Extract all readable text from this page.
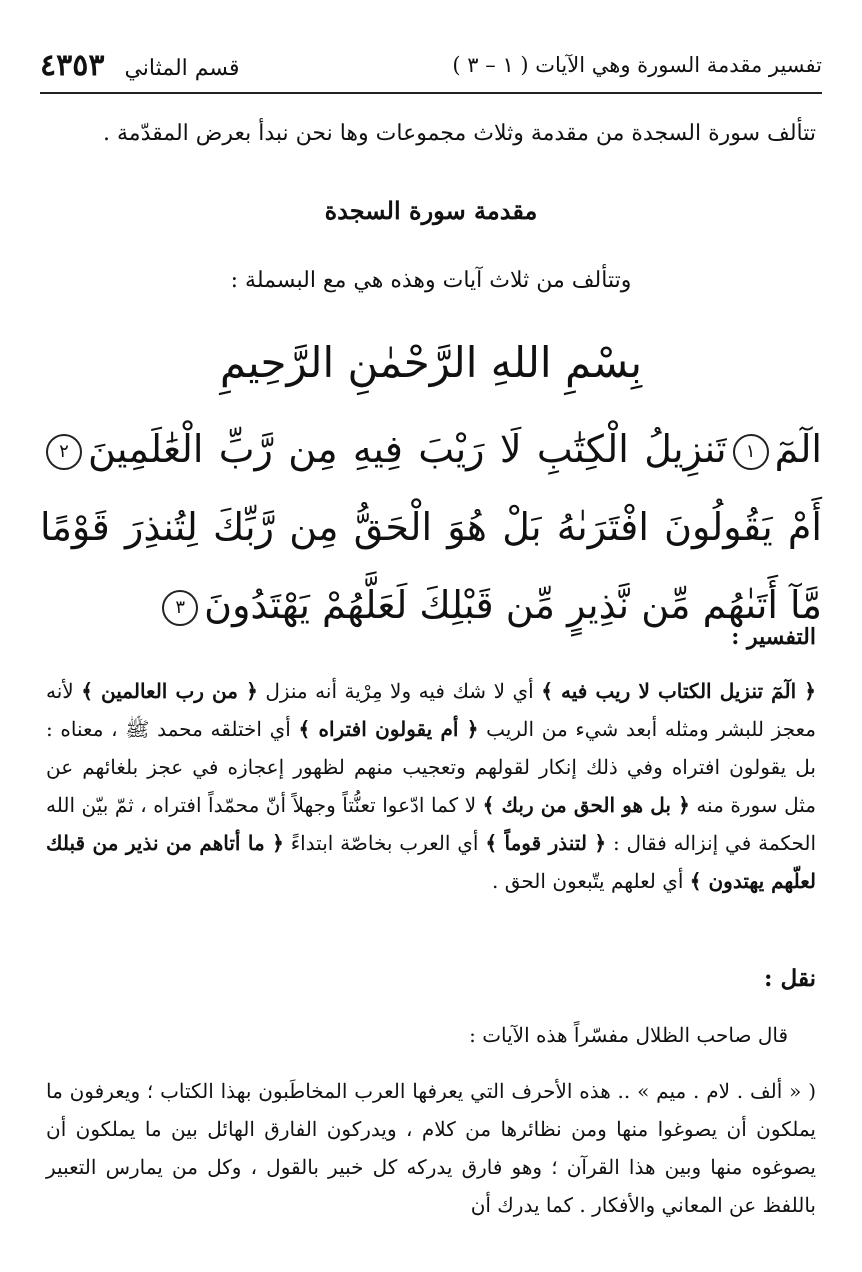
تفسير مقدمة السورة وهي الآيات ( ١ – ٣ )
قسم المثاني
٤٣٥٣
تتألف سورة السجدة من مقدمة وثلاث مجموعات وها نحن نبدأ بعرض المقدّمة .
مقدمة سورة السجدة
وتتألف من ثلاث آيات وهذه هي مع البسملة :
بِسْمِ اللهِ الرَّحْمٰنِ الرَّحِيمِ
الٓمٓ١تَنزِيلُ الْكِتَٰبِ لَا رَيْبَ فِيهِ مِن رَّبِّ الْعَٰلَمِينَ٢أَمْ يَقُولُونَ افْتَرَىٰهُ بَلْ هُوَ الْحَقُّ مِن رَّبِّكَ لِتُنذِرَ قَوْمًا مَّآ أَتَىٰهُم مِّن نَّذِيرٍ مِّن قَبْلِكَ لَعَلَّهُمْ يَهْتَدُونَ٣
التفسير :
﴿ الٓمٓ تنزيل الكتاب لا ريب فيه ﴾ أي لا شك فيه ولا مِرْية أنه منزل ﴿ من رب العالمين ﴾ لأنه معجز للبشر ومثله أبعد شيء من الريب ﴿ أم يقولون افتراه ﴾ أي اختلقه محمد ﷺ ، معناه : بل يقولون افتراه وفي ذلك إنكار لقولهم وتعجيب منهم لظهور إعجازه في عجز بلغائهم عن مثل سورة منه ﴿ بل هو الحق من ربك ﴾ لا كما ادّعوا تعنُّتاً وجهلاً أنّ محمّداً افتراه ، ثمّ بيّن الله الحكمة في إنزاله فقال : ﴿ لتنذر قوماً ﴾ أي العرب بخاصّة ابتداءً ﴿ ما أتاهم من نذير من قبلك لعلّهم يهتدون ﴾ أي لعلهم يتّبعون الحق .
نقل :
قال صاحب الظلال مفسّراً هذه الآيات :
( « ألف . لام . ميم » .. هذه الأحرف التي يعرفها العرب المخاطَبون بهذا الكتاب ؛ ويعرفون ما يملكون أن يصوغوا منها ومن نظائرها من كلام ، ويدركون الفارق الهائل بين ما يملكون أن يصوغوه منها وبين هذا القرآن ؛ وهو فارق يدركه كل خبير بالقول ، وكل من يمارس التعبير باللفظ عن المعاني والأفكار . كما يدرك أن
